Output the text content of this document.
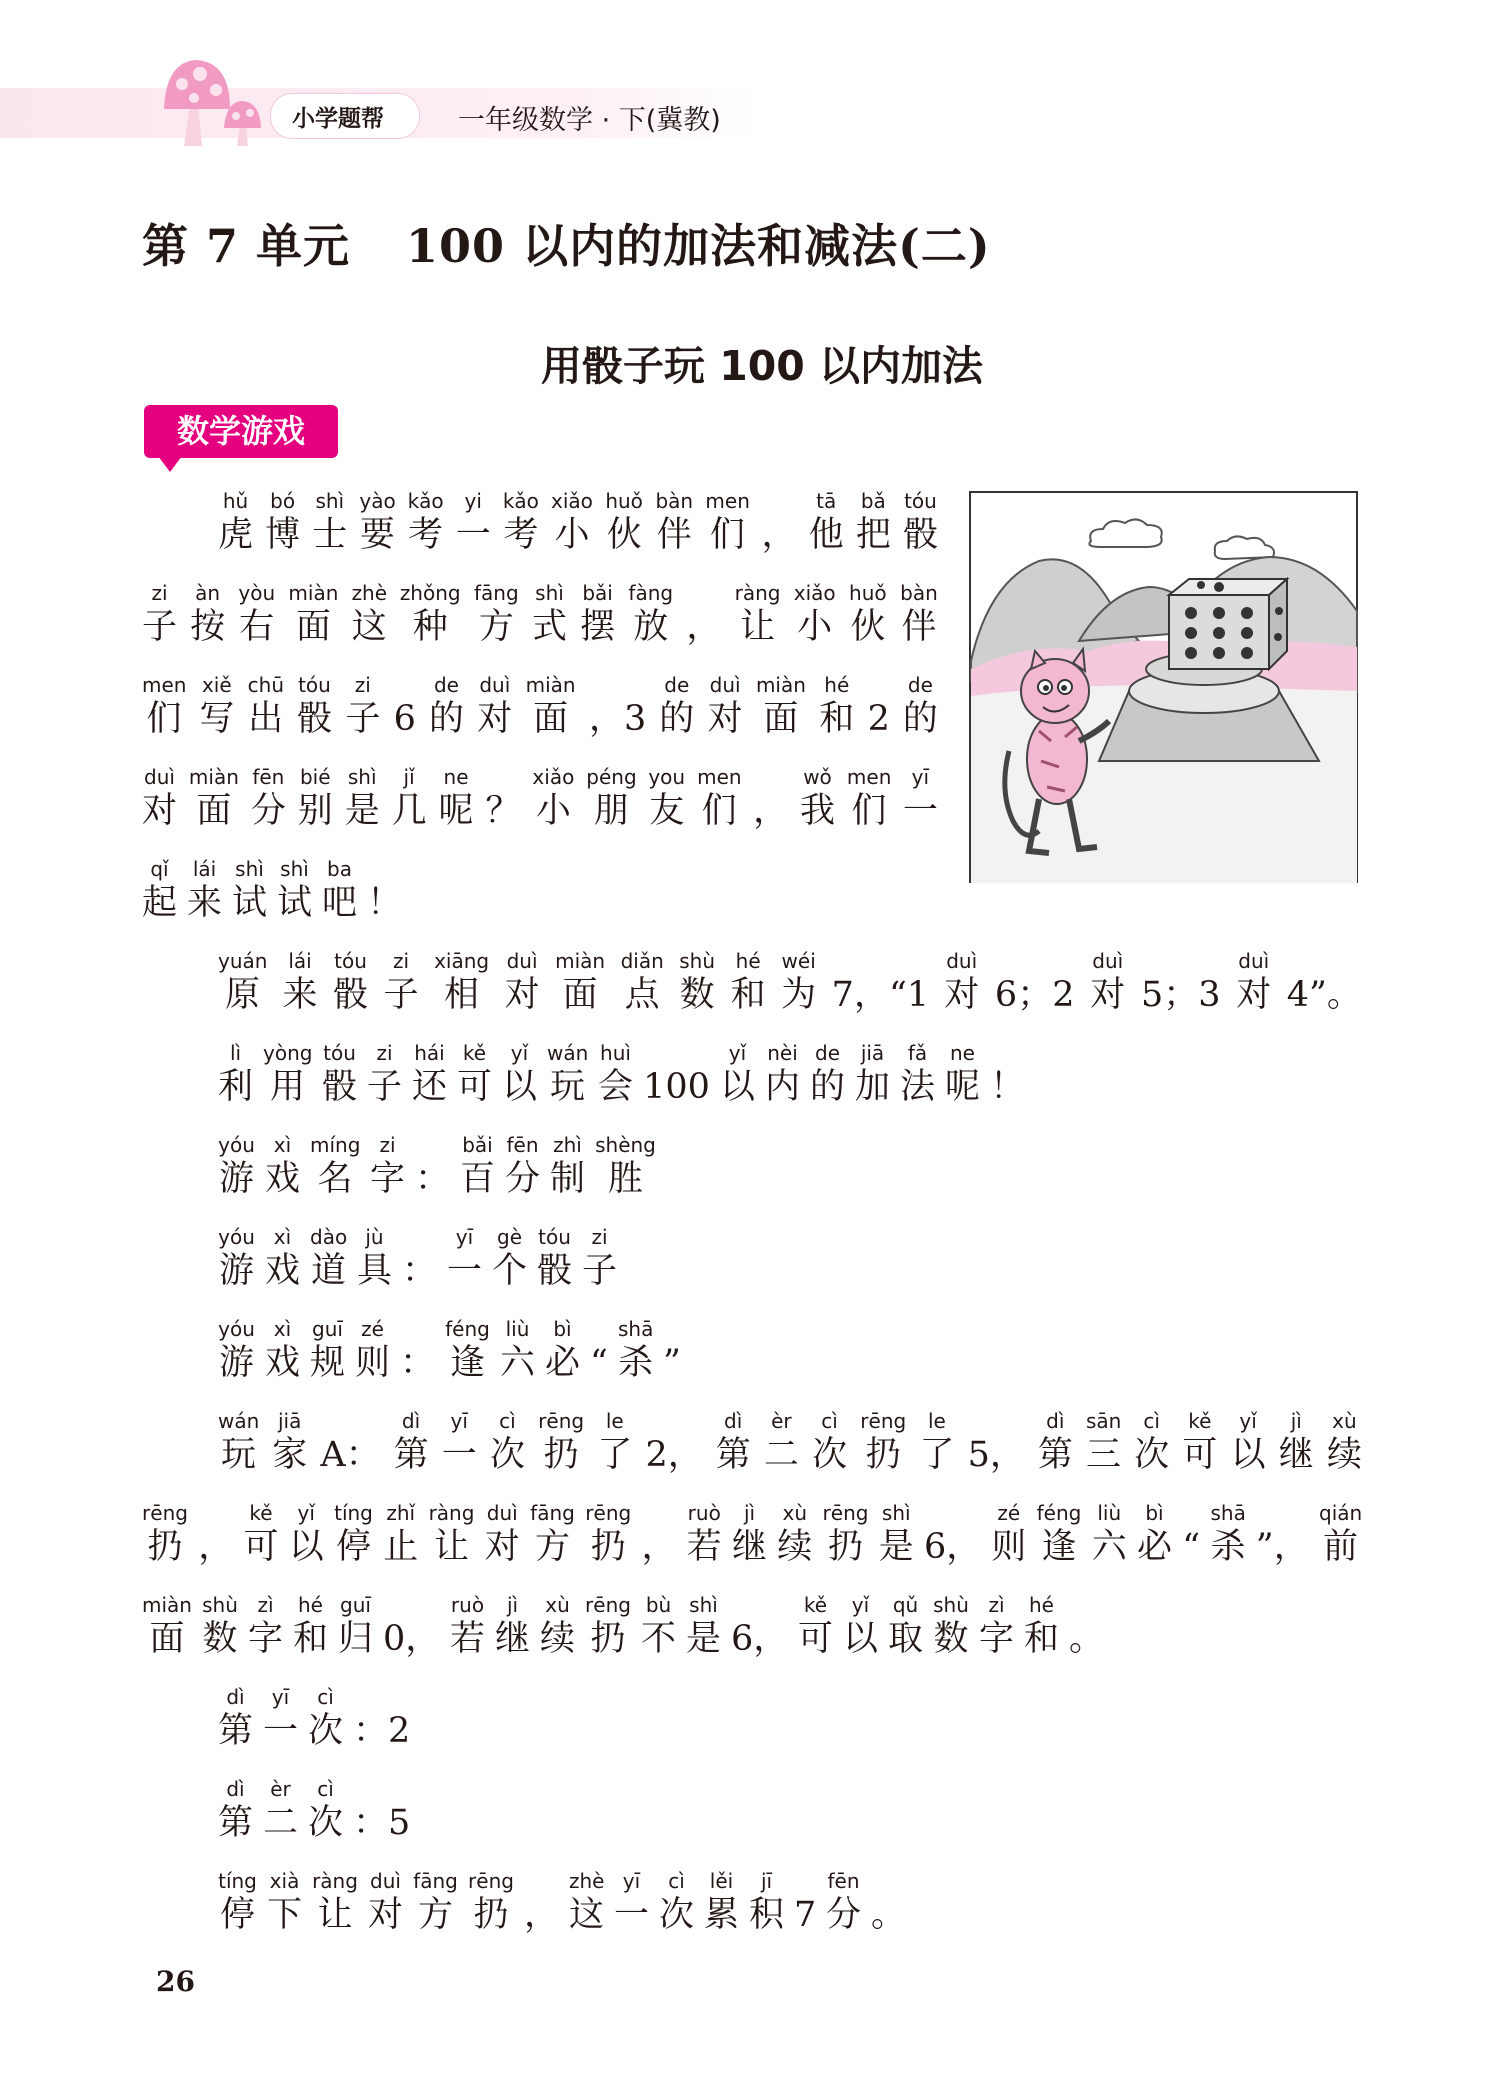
小学题帮	一年级数学 · 下(冀教)
第 7 单元 100 以内的加法和减法(二)
用骰子玩 100 以内加法
数学游戏
hǔ
虎
bó
博
shì
士
yào
要
kǎo
考
yi
一
kǎo
考
xiǎo
小
huǒ
伙
bàn
伴
men
们 ，
tā
他
bǎ
把
tóu
骰
zi
子
àn
按
yòu
右
miàn
面
zhè
这
zhǒng
种
fāng
方
shì
式
bǎi
摆
fàng
放 ，
ràng
让
xiǎo
小
huǒ
伙
bàn
伴
men
们
xiě
写
chū
出
tóu
骰
zi
子 6
de
的
duì
对
miàn
面 ，3
de
的
duì
对
miàn
面
hé
和 2
de
的
duì
对
miàn
面
fēn
分
bié
别
shì
是
jǐ
几
ne
呢 ？
xiǎo
小
péng
朋
you
友
men
们 ，
wǒ
我
men
们
yī
一
qǐ
起
lái
来
shì
试
shì
试
ba
吧 ！
yuán
原
lái
来
tóu
骰
zi
子
xiāng
相
duì
对
miàn
面
diǎn
点
shù
数
hé
和
wéi
为 7，“1
duì
对 6；2
duì
对 5；3
duì
对 4”。
lì
利
yòng
用
tóu
骰
zi
子
hái
还
kě
可
yǐ
以
wán
玩
huì
会 100
yǐ
以
nèi
内
de
的
jiā
加
fǎ
法
ne
呢 ！
yóu
游
xì
戏
míng
名
zi
字 ：
bǎi
百
fēn
分
zhì
制
shèng
胜
yóu
游
xì
戏
dào
道
jù
具 ：
yī
一
gè
个
tóu
骰
zi
子
yóu
游
xì
戏
guī
规
zé
则 ：
féng
逢
liù
六
bì
必 “
shā
杀 ”
wán
玩
jiā
家 A：
dì
第
yī
一
cì
次
rēng
扔
le
了 2，
dì
第
èr
二
cì
次
rēng
扔
le
了 5，
dì
第
sān
三
cì
次
kě
可
yǐ
以
jì
继
xù
续
rēng
扔 ，
kě
可
yǐ
以
tíng
停
zhǐ
止
ràng
让
duì
对
fāng
方
rēng
扔 ，
ruò
若
jì
继
xù
续
rēng
扔
shì
是 6，
zé
则
féng
逢
liù
六
bì
必 “
shā
杀 ”，
qián
前
miàn
面
shù
数
zì
字
hé
和
guī
归 0，
ruò
若
jì
继
xù
续
rēng
扔
bù
不
shì
是 6，
kě
可
yǐ
以
qǔ
取
shù
数
zì
字
hé
和 。
dì
第
yī
一
cì
次 ：2
dì
第
èr
二
cì
次 ：5
tíng
停
xià
下
ràng
让
duì
对
fāng
方
rēng
扔 ，
zhè
这
yī
一
cì
次
lěi
累
jī
积 7
fēn
分 。
26
